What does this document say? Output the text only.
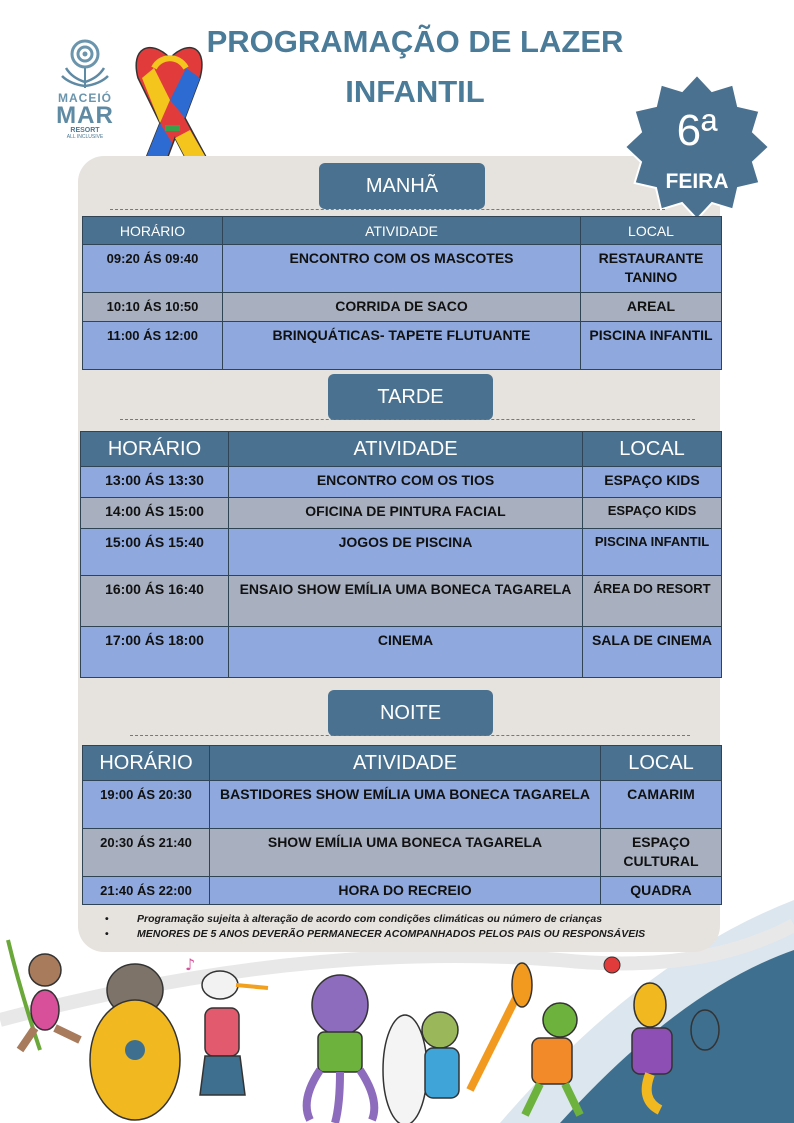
MACEIÓ
MAR
RESORT
ALL INCLUSIVE
PROGRAMAÇÃO DE LAZER
INFANTIL
6ª
FEIRA
MANHÃ
HORÁRIO	ATIVIDADE	LOCAL
09:20 ÁS 09:40	ENCONTRO COM OS MASCOTES	RESTAURANTE TANINO
10:10 ÁS 10:50	CORRIDA DE SACO	AREAL
11:00 ÁS 12:00	BRINQUÁTICAS- TAPETE FLUTUANTE	PISCINA INFANTIL
TARDE
HORÁRIO	ATIVIDADE	LOCAL
13:00 ÁS 13:30	ENCONTRO COM OS TIOS	ESPAÇO KIDS
14:00 ÁS 15:00	OFICINA DE PINTURA FACIAL	ESPAÇO KIDS
15:00 ÁS 15:40	JOGOS DE PISCINA	PISCINA INFANTIL
16:00 ÁS 16:40	ENSAIO SHOW EMÍLIA UMA BONECA TAGARELA	ÁREA DO RESORT
17:00 ÁS 18:00	CINEMA	SALA DE CINEMA
NOITE
HORÁRIO	ATIVIDADE	LOCAL
19:00 ÁS 20:30	BASTIDORES SHOW EMÍLIA UMA BONECA TAGARELA	CAMARIM
20:30 ÁS 21:40	SHOW EMÍLIA UMA BONECA TAGARELA	ESPAÇO CULTURAL
21:40 ÁS 22:00	HORA DO RECREIO	QUADRA
•	Programação sujeita à alteração de acordo com condições climáticas ou número de crianças
•	MENORES DE 5 ANOS DEVERÃO PERMANECER ACOMPANHADOS PELOS PAIS OU RESPONSÁVEIS
♪
